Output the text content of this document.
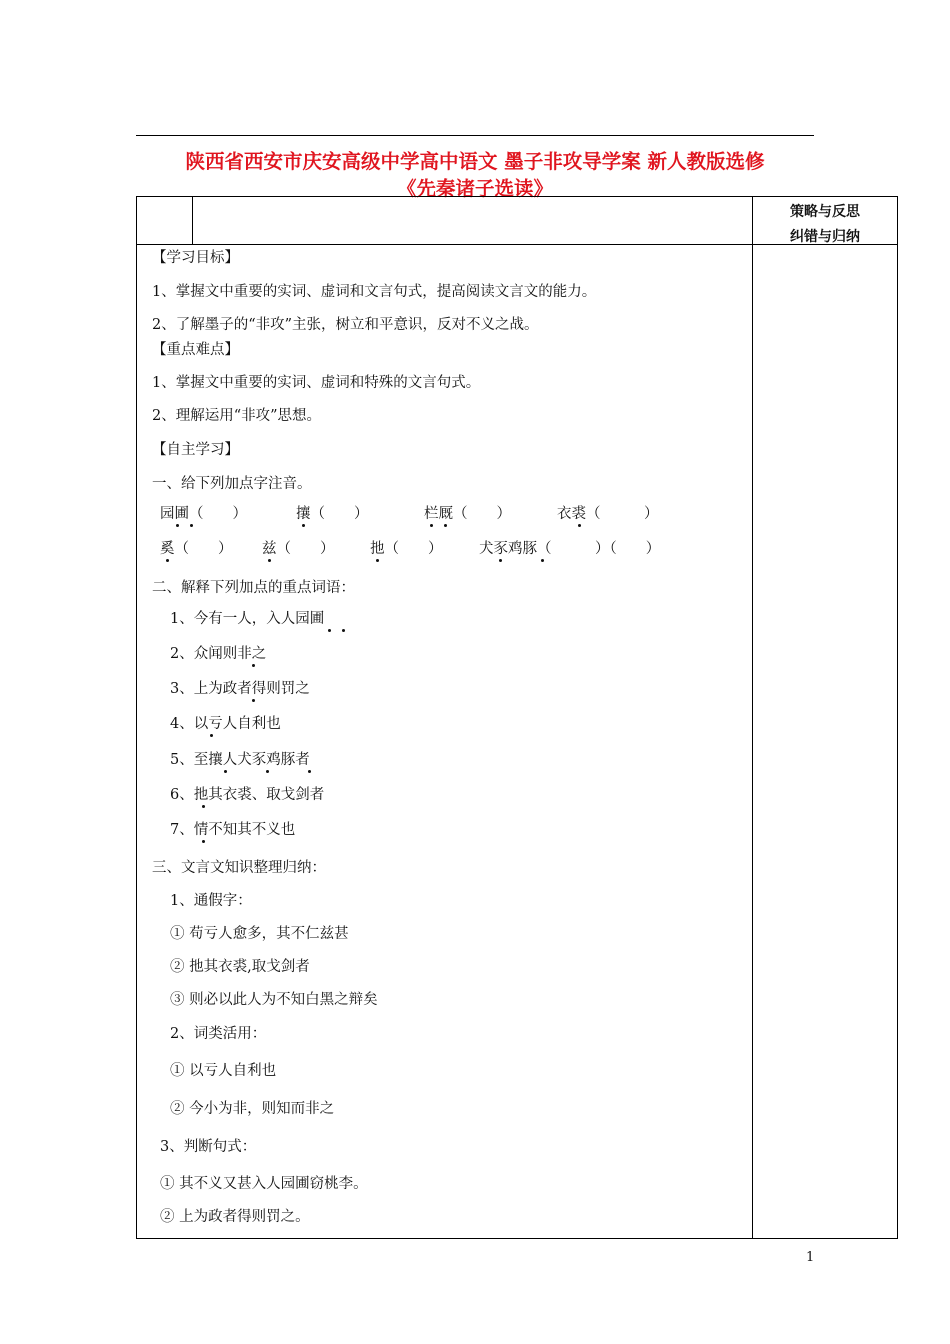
陕西省西安市庆安高级中学高中语文 墨子非攻导学案 新人教版选修
《先秦诸子选读》
策略与反思
纠错与归纳
【学习目标】
1、掌握文中重要的实词、虚词和文言句式，提高阅读文言文的能力。
2、了解墨子的“非攻”主张，树立和平意识，反对不义之战。
【重点难点】
1、掌握文中重要的实词、虚词和特殊的文言句式。
2、理解运用“非攻”思想。
【自主学习】
一、给下列加点字注音。
园圃（　　）	攘（　　）	栏厩（　　）	衣裘（　　　）
奚（　　） 兹（　　） 扡（　　）	犬豕鸡豚（　　　）（　　）
二、解释下列加点的重点词语：
1、今有一人，入人园圃
2、众闻则非之
3、上为政者得则罚之
4、以亏人自利也
5、至攘人犬豕鸡豚者
6、扡其衣裘、取戈剑者
7、情不知其不义也
三、文言文知识整理归纳：
1、通假字：
① 苟亏人愈多，其不仁兹甚
② 扡其衣裘,取戈剑者
③ 则必以此人为不知白黑之辩矣
2、词类活用：
① 以亏人自利也
② 今小为非，则知而非之
3、判断句式：
① 其不义又甚入人园圃窃桃李。
② 上为政者得则罚之。
1
